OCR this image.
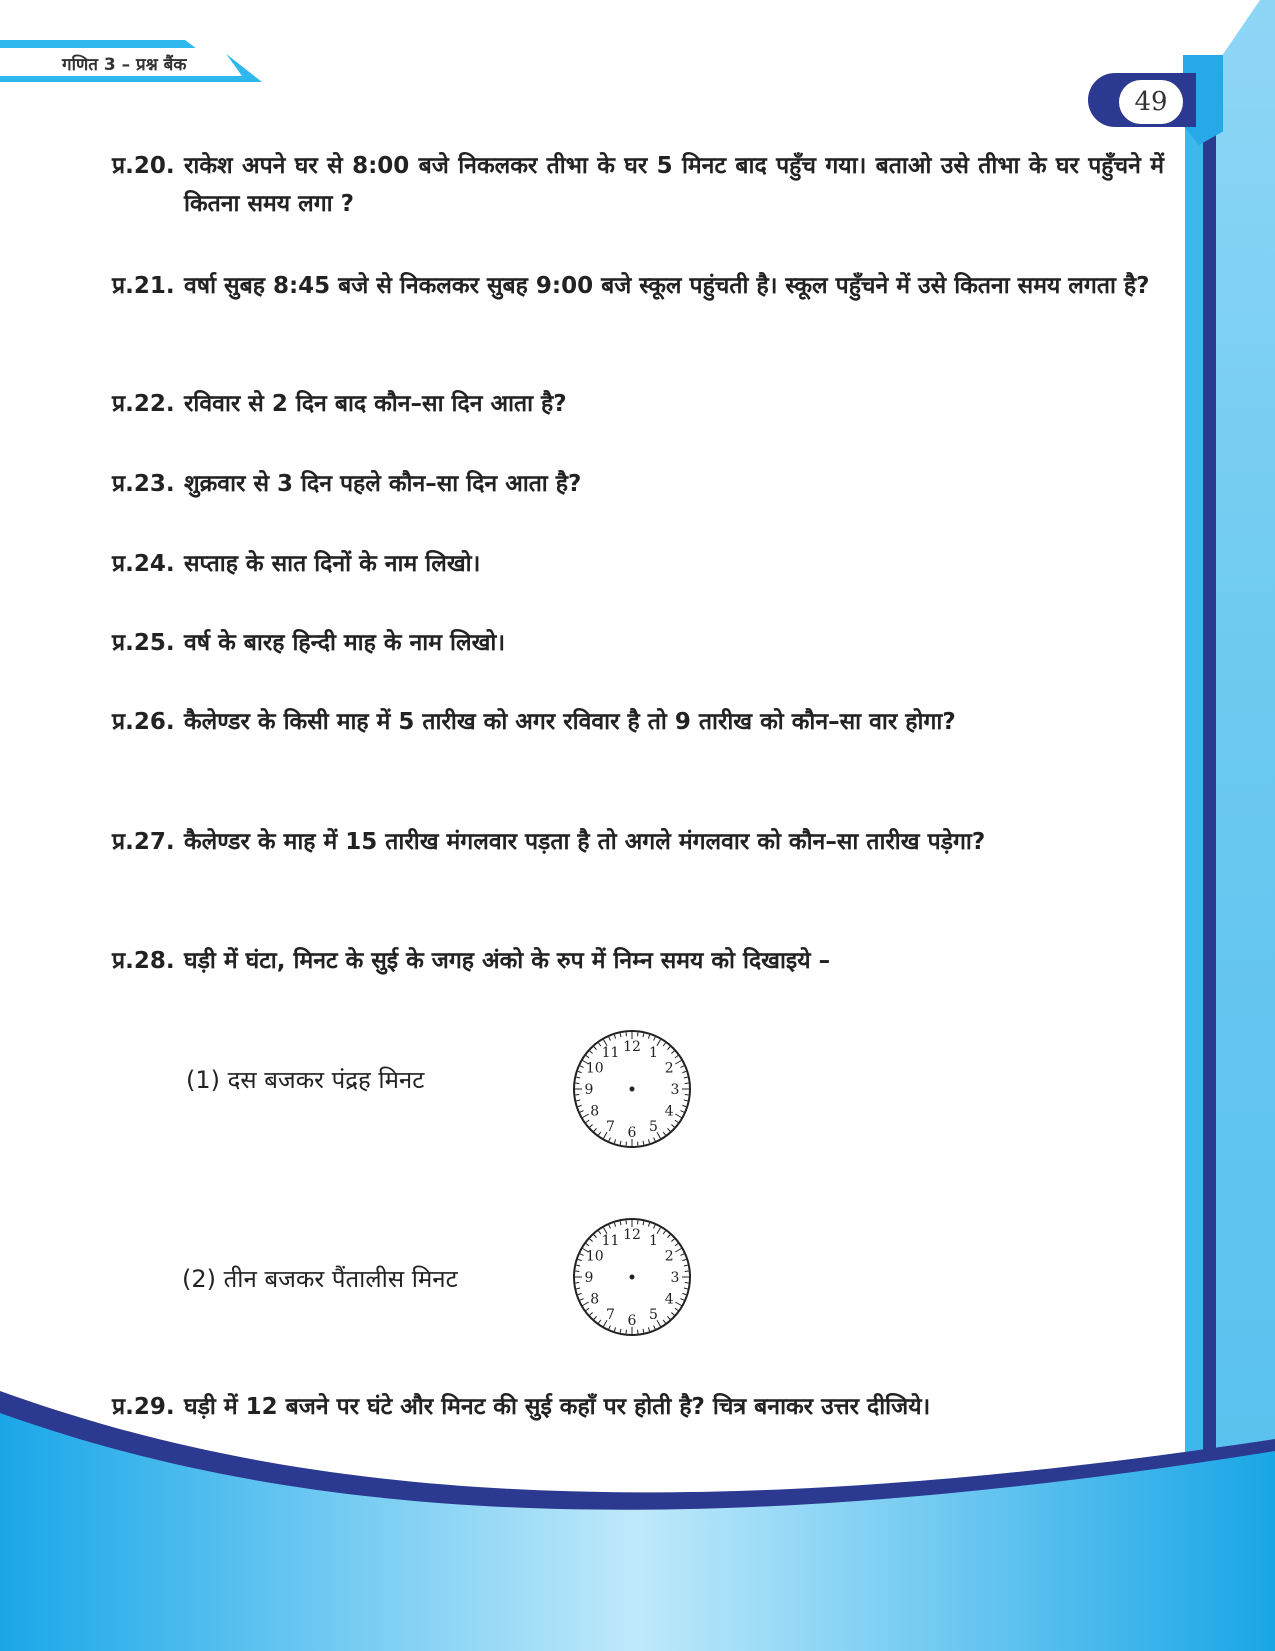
गणित 3 – प्रश्न बैंक
49
प्र.20. राकेश अपने घर से 8:00 बजे निकलकर तीभा के घर 5 मिनट बाद पहुँच गया। बताओ उसे तीभा के घर पहुँचने में कितना समय लगा ?
प्र.21. वर्षा सुबह 8:45 बजे से निकलकर सुबह 9:00 बजे स्कूल पहुंचती है। स्कूल पहुँचने में उसे कितना समय लगता है?
प्र.22. रविवार से 2 दिन बाद कौन–सा दिन आता है?
प्र.23. शुक्रवार से 3 दिन पहले कौन–सा दिन आता है?
प्र.24. सप्ताह के सात दिनों के नाम लिखो।
प्र.25. वर्ष के बारह हिन्दी माह के नाम लिखो।
प्र.26. कैलेण्डर के किसी माह में 5 तारीख को अगर रविवार है तो 9 तारीख को कौन–सा वार होगा?
प्र.27. कैलेण्डर के माह में 15 तारीख मंगलवार पड़ता है तो अगले मंगलवार को कौन–सा तारीख पड़ेगा?
प्र.28. घड़ी में घंटा, मिनट के सुई के जगह अंको के रुप में निम्न समय को दिखाइये –
(1) दस बजकर पंद्रह मिनट
(2) तीन बजकर पैंतालीस मिनट
12 1
2
3
4
5
6
7
8
9
10
11
12 1
2
3
4
5
6
7
8
9
10
11
प्र.29. घड़ी में 12 बजने पर घंटे और मिनट की सुई कहाँ पर होती है? चित्र बनाकर उत्तर दीजिये।
